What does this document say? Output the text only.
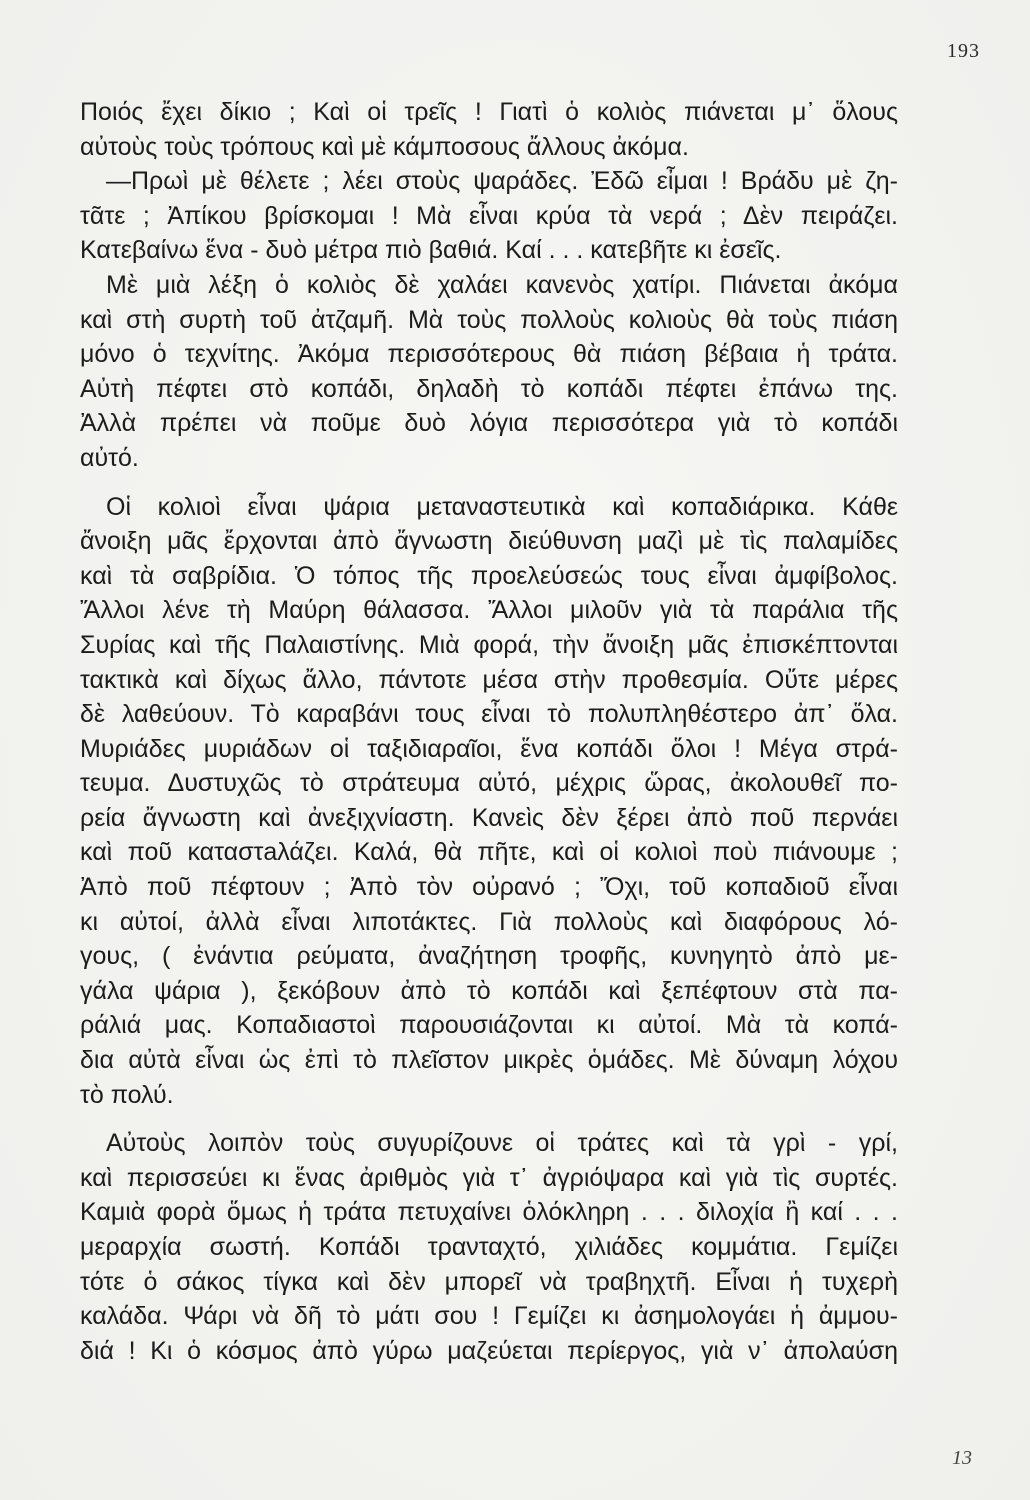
193
Ποιός ἔχει δίκιο ; Καὶ οἱ τρεῖς ! Γιατὶ ὁ κολιὸς πιάνεται μ᾽ ὅλους
αὐτοὺς τοὺς τρόπους καὶ μὲ κάμποσους ἄλλους ἀκόμα.
—Πρωὶ μὲ θέλετε ; λέει στοὺς ψαράδες. Ἐδῶ εἶμαι ! Βράδυ μὲ ζη-
τᾶτε ; Ἀπίκου βρίσκομαι ! Μὰ εἶναι κρύα τὰ νερά ; Δὲν πειράζει.
Κατεβαίνω ἕνα - δυὸ μέτρα πιὸ βαθιά. Καί . . . κατεβῆτε κι ἐσεῖς.
Μὲ μιὰ λέξη ὁ κολιὸς δὲ χαλάει κανενὸς χατίρι. Πιάνεται ἀκόμα
καὶ στὴ συρτὴ τοῦ ἀτζαμῆ. Μὰ τοὺς πολλοὺς κολιοὺς θὰ τοὺς πιάση
μόνο ὁ τεχνίτης. Ἀκόμα περισσότερους θὰ πιάση βέβαια ἡ τράτα.
Αὐτὴ πέφτει στὸ κοπάδι, δηλαδὴ τὸ κοπάδι πέφτει ἐπάνω της.
Ἀλλὰ πρέπει νὰ ποῦμε δυὸ λόγια περισσότερα γιὰ τὸ κοπάδι
αὐτό.
Οἱ κολιοὶ εἶναι ψάρια μεταναστευτικὰ καὶ κοπαδιάρικα. Κάθε
ἄνοιξη μᾶς ἔρχονται ἀπὸ ἄγνωστη διεύθυνση μαζὶ μὲ τὶς παλαμίδες
καὶ τὰ σαβρίδια. Ὁ τόπος τῆς προελεύσεώς τους εἶναι ἀμφίβολος.
Ἄλλοι λένε τὴ Μαύρη θάλασσα. Ἄλλοι μιλοῦν γιὰ τὰ παράλια τῆς
Συρίας καὶ τῆς Παλαιστίνης. Μιὰ φορά, τὴν ἄνοιξη μᾶς ἐπισκέπτονται
τακτικὰ καὶ δίχως ἄλλο, πάντοτε μέσα στὴν προθεσμία. Οὔτε μέρες
δὲ λαθεύουν. Τὸ καραβάνι τους εἶναι τὸ πολυπληθέστερο ἀπ᾽ ὅλα.
Μυριάδες μυριάδων οἱ ταξιδιαραῖοι, ἕνα κοπάδι ὅλοι ! Μέγα στρά-
τευμα. Δυστυχῶς τὸ στράτευμα αὐτό, μέχρις ὥρας, ἀκολουθεῖ πο-
ρεία ἄγνωστη καὶ ἀνεξιχνίαστη. Κανεὶς δὲν ξέρει ἀπὸ ποῦ περνάει
καὶ ποῦ καταστaλάζει. Καλά, θὰ πῆτε, καὶ οἱ κολιοὶ ποὺ πιάνουμε ;
Ἀπὸ ποῦ πέφτουν ; Ἀπὸ τὸν οὐρανό ; Ὄχι, τοῦ κοπαδιοῦ εἶναι
κι αὐτοί, ἀλλὰ εἶναι λιποτάκτες. Γιὰ πολλοὺς καὶ διαφόρους λό-
γους, ( ἐνάντια ρεύματα, ἀναζήτηση τροφῆς, κυνηγητὸ ἀπὸ με-
γάλα ψάρια ), ξεκόβουν ἀπὸ τὸ κοπάδι καὶ ξεπέφτουν στὰ πα-
ράλιά μας. Κοπαδιαστοὶ παρουσιάζονται κι αὐτοί. Μὰ τὰ κοπά-
δια αὐτὰ εἶναι ὡς ἐπὶ τὸ πλεῖστον μικρὲς ὁμάδες. Μὲ δύναμη λόχου
τὸ πολύ.
Αὐτοὺς λοιπὸν τοὺς συγυρίζουνε οἱ τράτες καὶ τὰ γρὶ - γρί,
καὶ περισσεύει κι ἕνας ἀριθμὸς γιὰ τ᾽ ἀγριόψαρα καὶ γιὰ τὶς συρτές.
Καμιὰ φορὰ ὅμως ἡ τράτα πετυχαίνει ὁλόκληρη . . . διλοχία ἢ καί . . .
μεραρχία σωστή. Κοπάδι τρανταχτό, χιλιάδες κομμάτια. Γεμίζει
τότε ὁ σάκος τίγκα καὶ δὲν μπορεῖ νὰ τραβηχτῆ. Εἶναι ἡ τυχερὴ
καλάδα. Ψάρι νὰ δῆ τὸ μάτι σου ! Γεμίζει κι ἀσημολογάει ἡ ἀμμου-
διά ! Κι ὁ κόσμος ἀπὸ γύρω μαζεύεται περίεργος, γιὰ ν᾽ ἀπολαύση
13
